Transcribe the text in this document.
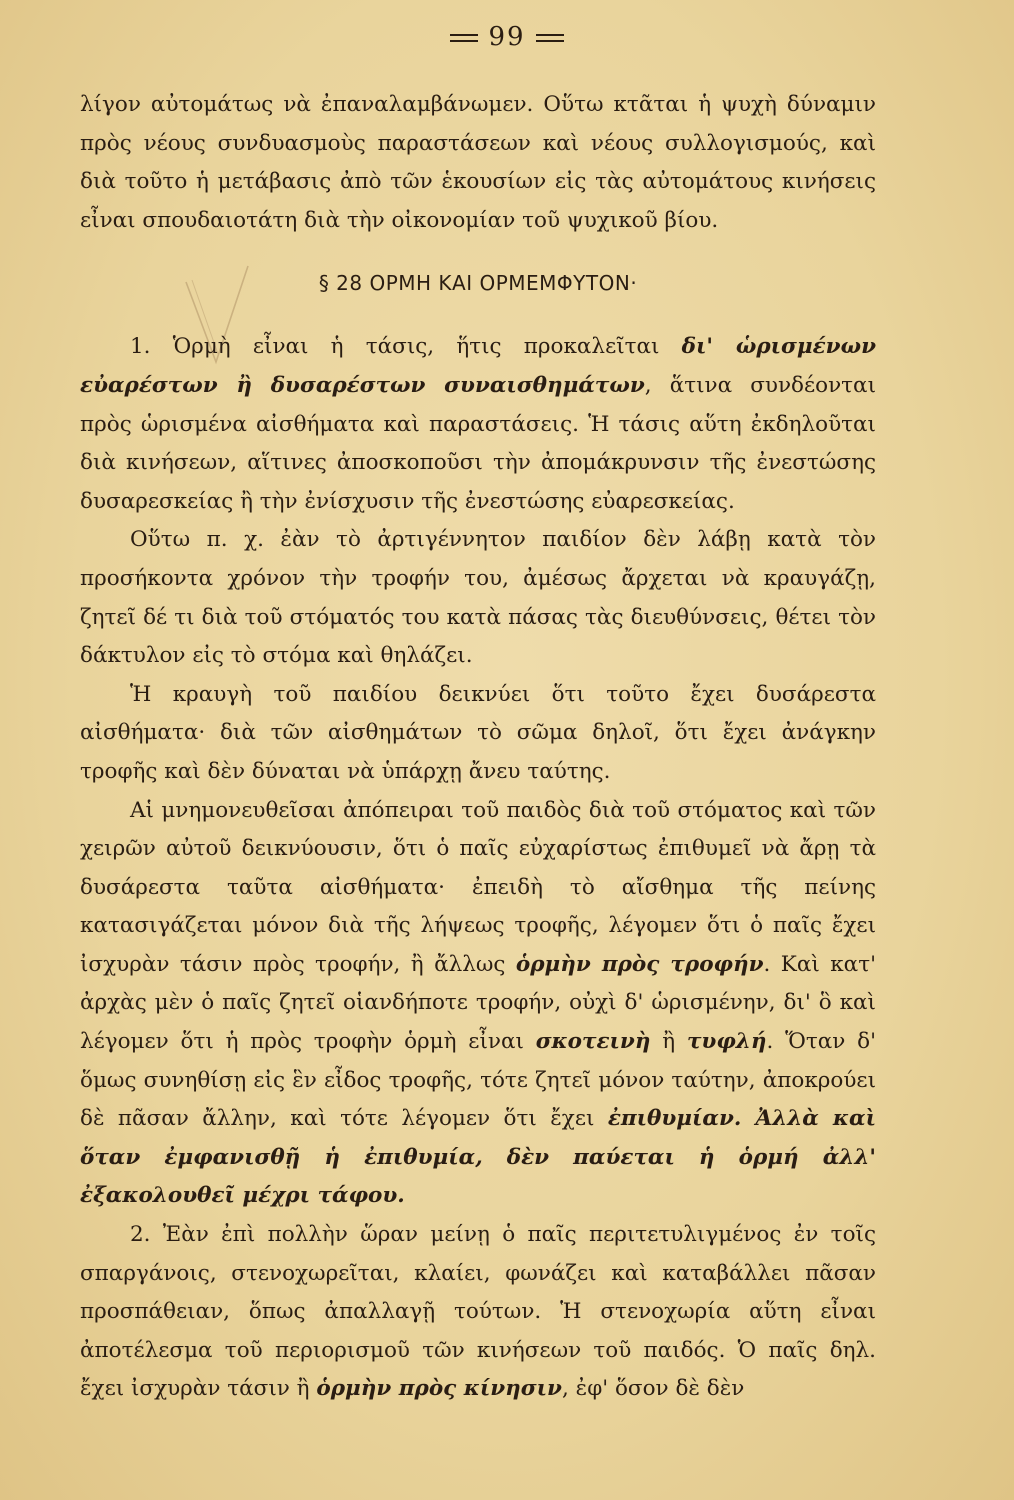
99

λίγον αὐτομάτως νὰ ἐπαναλαμβάνωμεν. Οὕτω κτᾶται ἡ ψυχὴ δύναμιν πρὸς νέους συνδυασμοὺς παραστάσεων καὶ νέους συλλογισμούς, καὶ διὰ τοῦτο ἡ μετάβασις ἀπὸ τῶν ἑκουσίων εἰς τὰς αὐτομάτους κινήσεις εἶναι σπουδαιοτάτη διὰ τὴν οἰκονομίαν τοῦ ψυχικοῦ βίου.

§ 28 ΟΡΜΗ ΚΑΙ ΟΡΜΕΜΦΥΤΟΝ·

1. Ὁρμὴ εἶναι ἡ τάσις, ἥτις προκαλεῖται δι' ὡρισμένων εὐαρέστων ἢ δυσαρέστων συναισθημάτων, ἅτινα συνδέονται πρὸς ὡρισμένα αἰσθήματα καὶ παραστάσεις. Ἡ τάσις αὕτη ἐκδηλοῦται διὰ κινήσεων, αἵτινες ἀποσκοποῦσι τὴν ἀπομάκρυνσιν τῆς ἐνεστώσης δυσαρεσκείας ἢ τὴν ἐνίσχυσιν τῆς ἐνεστώσης εὐαρεσκείας.

Οὕτω π. χ. ἐὰν τὸ ἀρτιγέννητον παιδίον δὲν λάβῃ κατὰ τὸν προσήκοντα χρόνον τὴν τροφήν του, ἀμέσως ἄρχεται νὰ κραυγάζῃ, ζητεῖ δέ τι διὰ τοῦ στόματός του κατὰ πάσας τὰς διευθύνσεις, θέτει τὸν δάκτυλον εἰς τὸ στόμα καὶ θηλάζει.

Ἡ κραυγὴ τοῦ παιδίου δεικνύει ὅτι τοῦτο ἔχει δυσάρεστα αἰσθήματα· διὰ τῶν αἰσθημάτων τὸ σῶμα δηλοῖ, ὅτι ἔχει ἀνάγκην τροφῆς καὶ δὲν δύναται νὰ ὑπάρχῃ ἄνευ ταύτης.

Αἱ μνημονευθεῖσαι ἀπόπειραι τοῦ παιδὸς διὰ τοῦ στόματος καὶ τῶν χειρῶν αὐτοῦ δεικνύουσιν, ὅτι ὁ παῖς εὐχαρίστως ἐπιθυμεῖ νὰ ἄρῃ τὰ δυσάρεστα ταῦτα αἰσθήματα· ἐπειδὴ τὸ αἴσθημα τῆς πείνης κατασιγάζεται μόνον διὰ τῆς λήψεως τροφῆς, λέγομεν ὅτι ὁ παῖς ἔχει ἰσχυρὰν τάσιν πρὸς τροφήν, ἢ ἄλλως ὁρμὴν πρὸς τροφήν. Καὶ κατ' ἀρχὰς μὲν ὁ παῖς ζητεῖ οἱανδήποτε τροφήν, οὐχὶ δ' ὡρισμένην, δι' ὃ καὶ λέγομεν ὅτι ἡ πρὸς τροφὴν ὁρμὴ εἶναι σκοτεινὴ ἢ τυφλή. Ὅταν δ' ὅμως συνηθίσῃ εἰς ἓν εἶδος τροφῆς, τότε ζητεῖ μόνον ταύτην, ἀποκρούει δὲ πᾶσαν ἄλλην, καὶ τότε λέγομεν ὅτι ἔχει ἐπιθυμίαν. Ἀλλὰ καὶ ὅταν ἐμφανισθῇ ἡ ἐπιθυμία, δὲν παύεται ἡ ὁρμή ἀλλ' ἐξακολουθεῖ μέχρι τάφου.

2. Ἐὰν ἐπὶ πολλὴν ὥραν μείνῃ ὁ παῖς περιτετυλιγμένος ἐν τοῖς σπαργάνοις, στενοχωρεῖται, κλαίει, φωνάζει καὶ καταβάλλει πᾶσαν προσπάθειαν, ὅπως ἀπαλλαγῇ τούτων. Ἡ στενοχωρία αὕτη εἶναι ἀποτέλεσμα τοῦ περιορισμοῦ τῶν κινήσεων τοῦ παιδός. Ὁ παῖς δηλ. ἔχει ἰσχυρὰν τάσιν ἢ ὁρμὴν πρὸς κίνησιν, ἐφ' ὅσον δὲ δὲν
